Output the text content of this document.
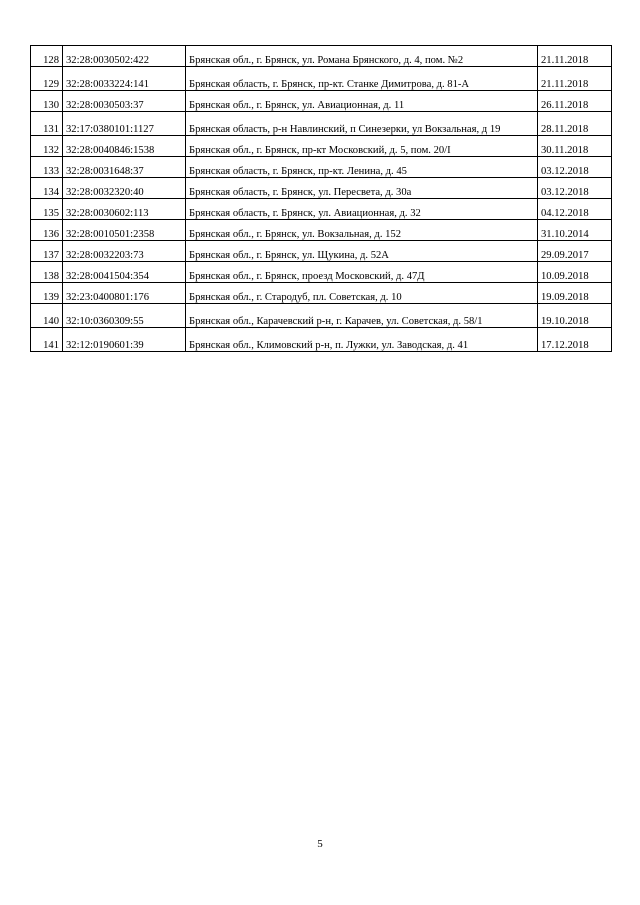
128	32:28:0030502:422	Брянская обл., г. Брянск, ул. Романа Брянского, д. 4, пом. №2	21.11.2018
129	32:28:0033224:141	Брянская область, г. Брянск, пр-кт. Станке Димитрова, д. 81-А	21.11.2018
130	32:28:0030503:37	Брянская обл., г. Брянск, ул. Авиационная, д. 11	26.11.2018
131	32:17:0380101:1127	Брянская область, р-н Навлинский, п Синезерки, ул Вокзальная, д 19	28.11.2018
132	32:28:0040846:1538	Брянская обл., г. Брянск, пр-кт Московский, д. 5, пом. 20/I	30.11.2018
133	32:28:0031648:37	Брянская область, г. Брянск, пр-кт. Ленина, д. 45	03.12.2018
134	32:28:0032320:40	Брянская область, г. Брянск, ул. Пересвета, д. 30а	03.12.2018
135	32:28:0030602:113	Брянская область, г. Брянск, ул. Авиационная, д. 32	04.12.2018
136	32:28:0010501:2358	Брянская обл., г. Брянск, ул. Вокзальная, д. 152	31.10.2014
137	32:28:0032203:73	Брянская обл., г. Брянск, ул. Щукина, д. 52А	29.09.2017
138	32:28:0041504:354	Брянская обл., г. Брянск, проезд Московский, д. 47Д	10.09.2018
139	32:23:0400801:176	Брянская обл., г. Стародуб, пл. Советская, д. 10	19.09.2018
140	32:10:0360309:55	Брянская обл., Карачевский р-н, г. Карачев, ул. Советская, д. 58/1	19.10.2018
141	32:12:0190601:39	Брянская обл., Климовский р-н, п. Лужки, ул. Заводская, д. 41	17.12.2018
5
